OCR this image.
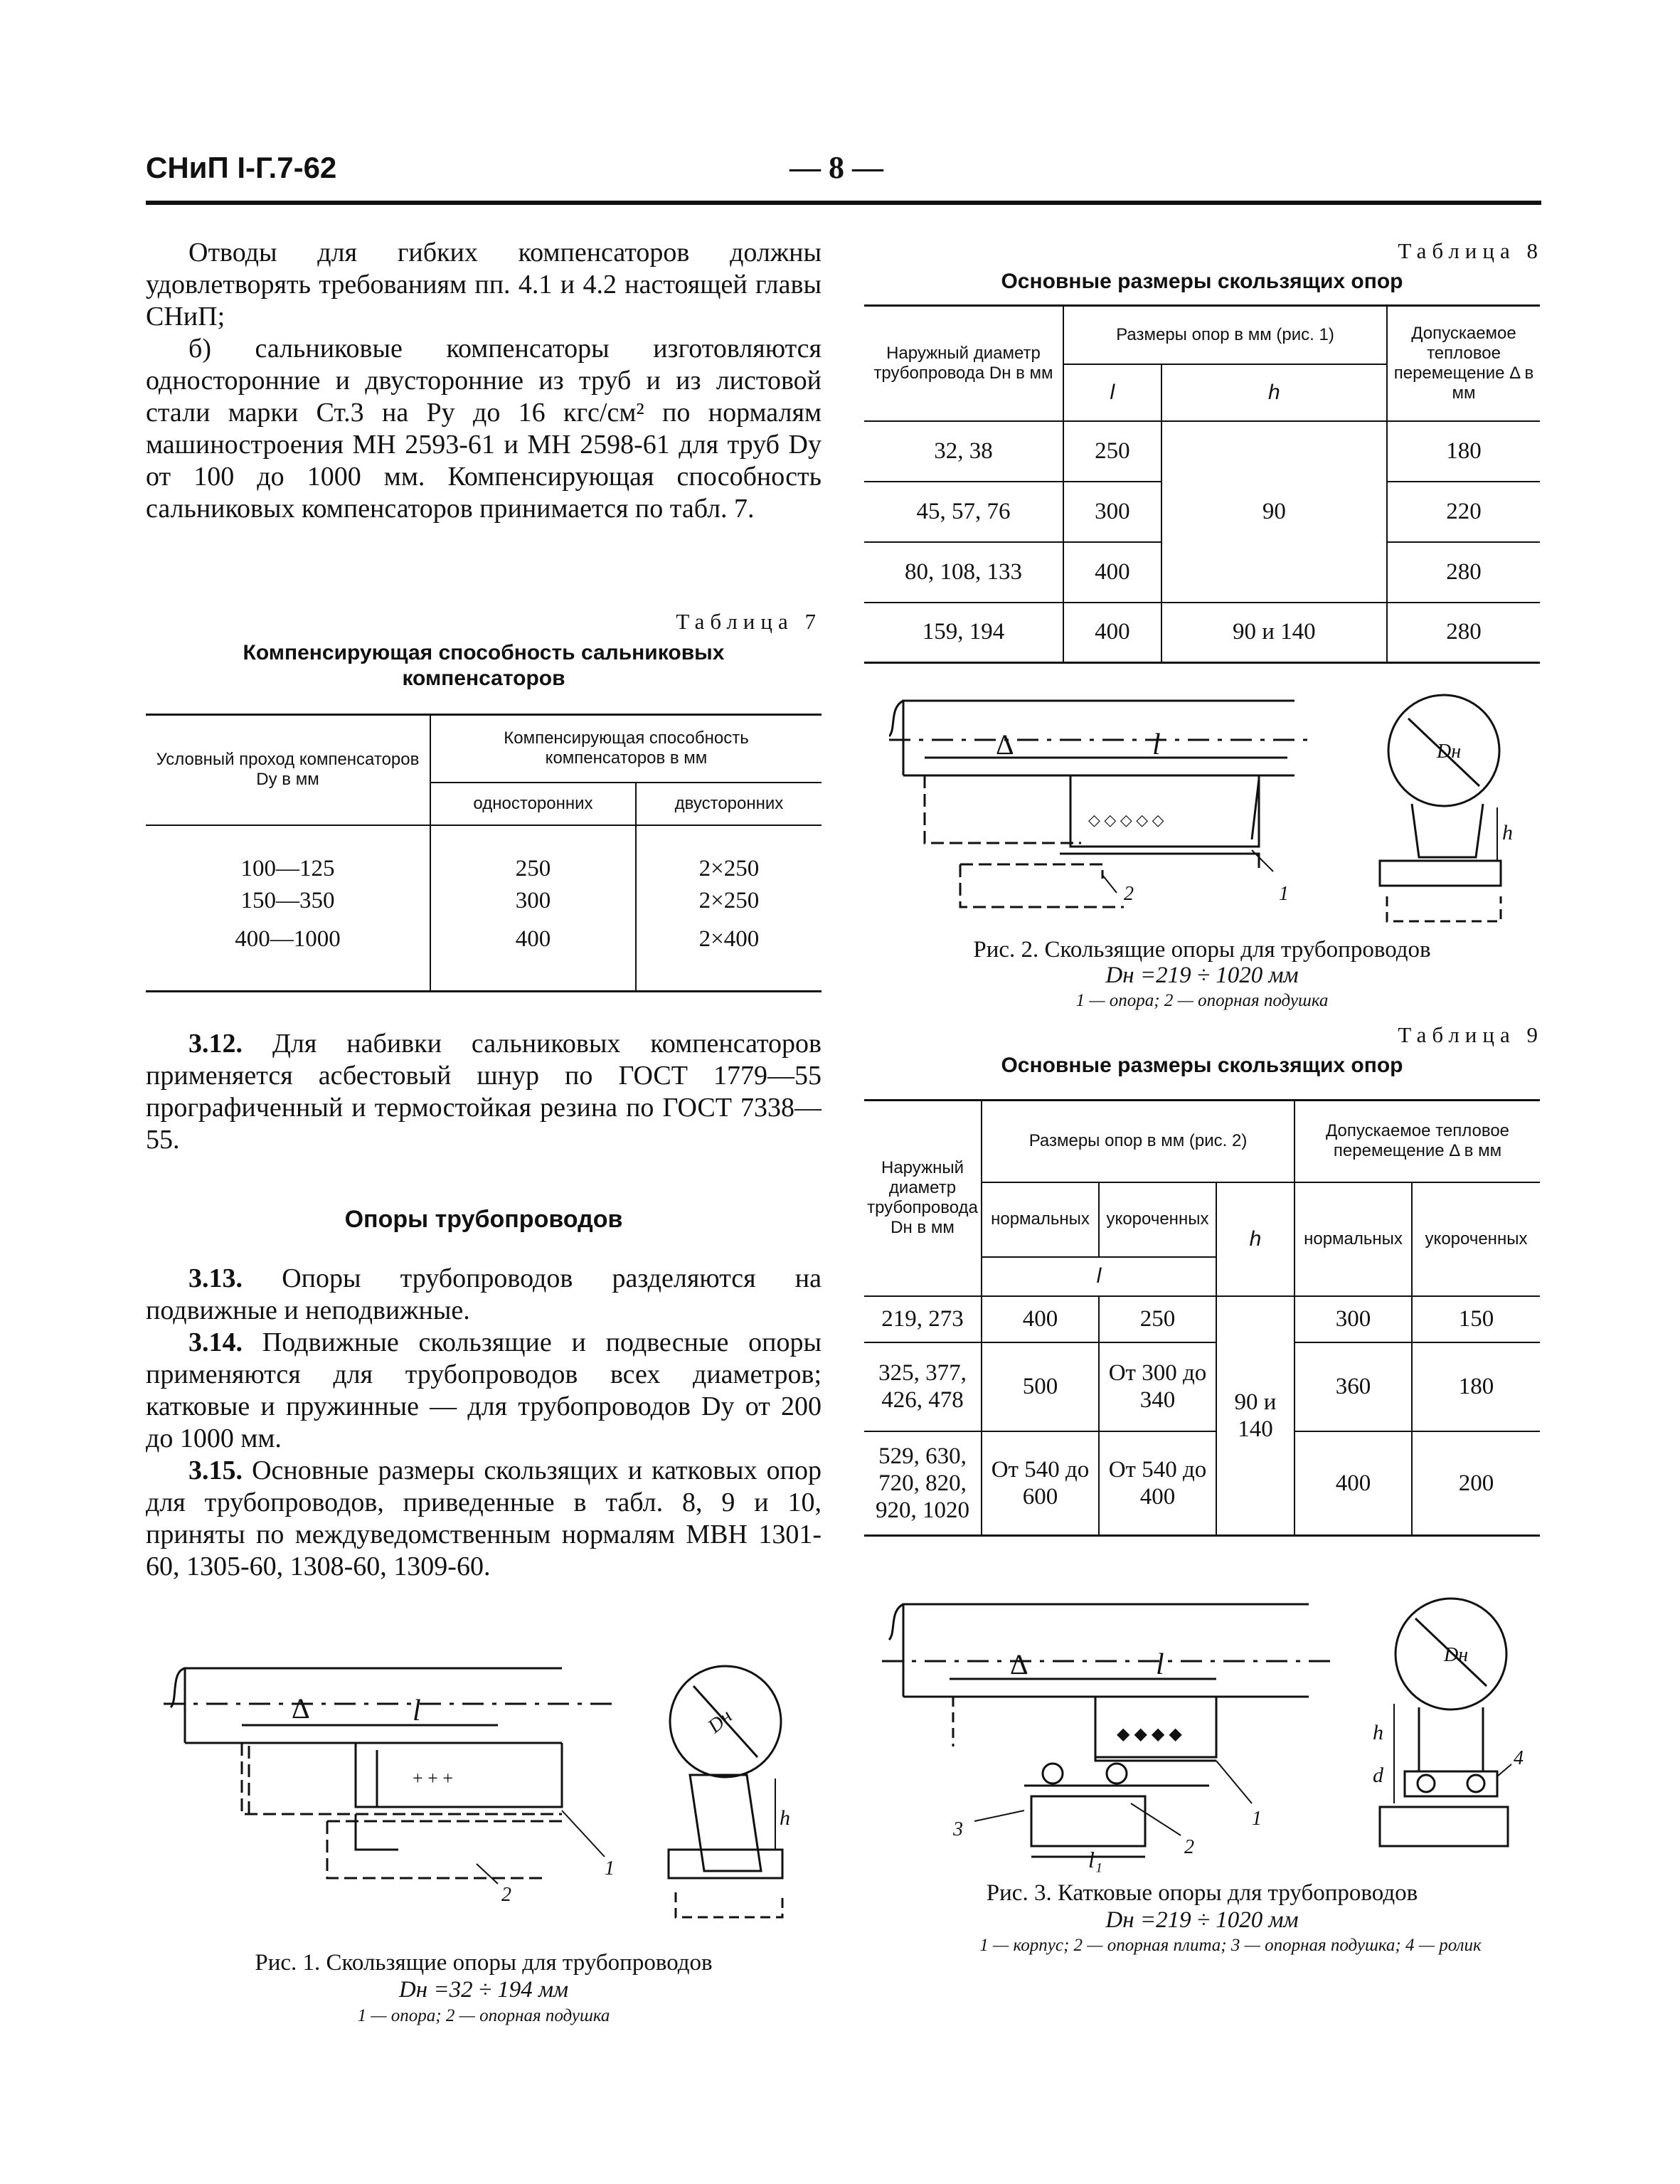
СНиП I-Г.7-62	— 8 —

Отводы для гибких компенсаторов должны удовлетворять требованиям пп. 4.1 и 4.2 настоящей главы СНиП;

б) сальниковые компенсаторы изготовляются односторонние и двусторонние из труб и из листовой стали марки Ст.3 на Pу до 16 кгс/см² по нормалям машиностроения МН 2593-61 и МН 2598-61 для труб Dу от 100 до 1000 мм. Компенсирующая способность сальниковых компенсаторов принимается по табл. 7.

Таблица 7
Компенсирующая способность сальниковых компенсаторов
Условный проход компенсаторов Dу в мм	Компенсирующая способность компенсаторов в мм	
	односторонних	двусторонних
100—125	250	2×250
150—350	300	2×250
400—1000	400	2×400

3.12. Для набивки сальниковых компенсаторов применяется асбестовый шнур по ГОСТ 1779—55 прографиченный и термостойкая резина по ГОСТ 7338—55.

Опоры трубопроводов

3.13. Опоры трубопроводов разделяются на подвижные и неподвижные.

3.14. Подвижные скользящие и подвесные опоры применяются для трубопроводов всех диаметров; катковые и пружинные — для трубопроводов Dу от 200 до 1000 мм.

3.15. Основные размеры скользящих и катковых опор для трубопроводов, приведенные в табл. 8, 9 и 10, приняты по междуведомственным нормалям МВН 1301-60, 1305-60, 1308-60, 1309-60.

Δ	l
+ + +
1
2
Dн
h
Рис. 1. Скользящие опоры для трубопроводов
Dн =32 ÷ 194 мм
1 — опора; 2 — опорная подушка
Таблица 8
Основные размеры скользящих опор
Наружный диаметр трубопровода Dн в мм	Размеры опор в мм (рис. 1)		Допускаемое тепловое перемещение Δ в мм
	l	h	
32, 38	250	90	180
45, 57, 76	300		220
80, 108, 133	400		280
159, 194	400	90 и 140	280
Δ	l
◇ ◇ ◇ ◇ ◇
1
2
Dн
h
Рис. 2. Скользящие опоры для трубопроводов
Dн =219 ÷ 1020 мм
1 — опора; 2 — опорная подушка
Таблица 9
Основные размеры скользящих опор
Наружный диаметр трубопровода Dн в мм	Размеры опор в мм (рис. 2)			Допускаемое тепловое перемещение Δ в мм	
	нормальных	укороченных	h	нормальных	укороченных
	l				
219, 273	400	250	90 и 140	300	150
325, 377, 426, 478	500	От 300 до 340		360	180
529, 630, 720, 820, 920, 1020	От 540 до 600	От 540 до 400		400	200
Δ	l
◆ ◆ ◆ ◆
l₁
1
2
3
Dн
h
d
4
Рис. 3. Катковые опоры для трубопроводов
Dн =219 ÷ 1020 мм
1 — корпус; 2 — опорная плита; 3 — опорная подушка; 4 — ролик
